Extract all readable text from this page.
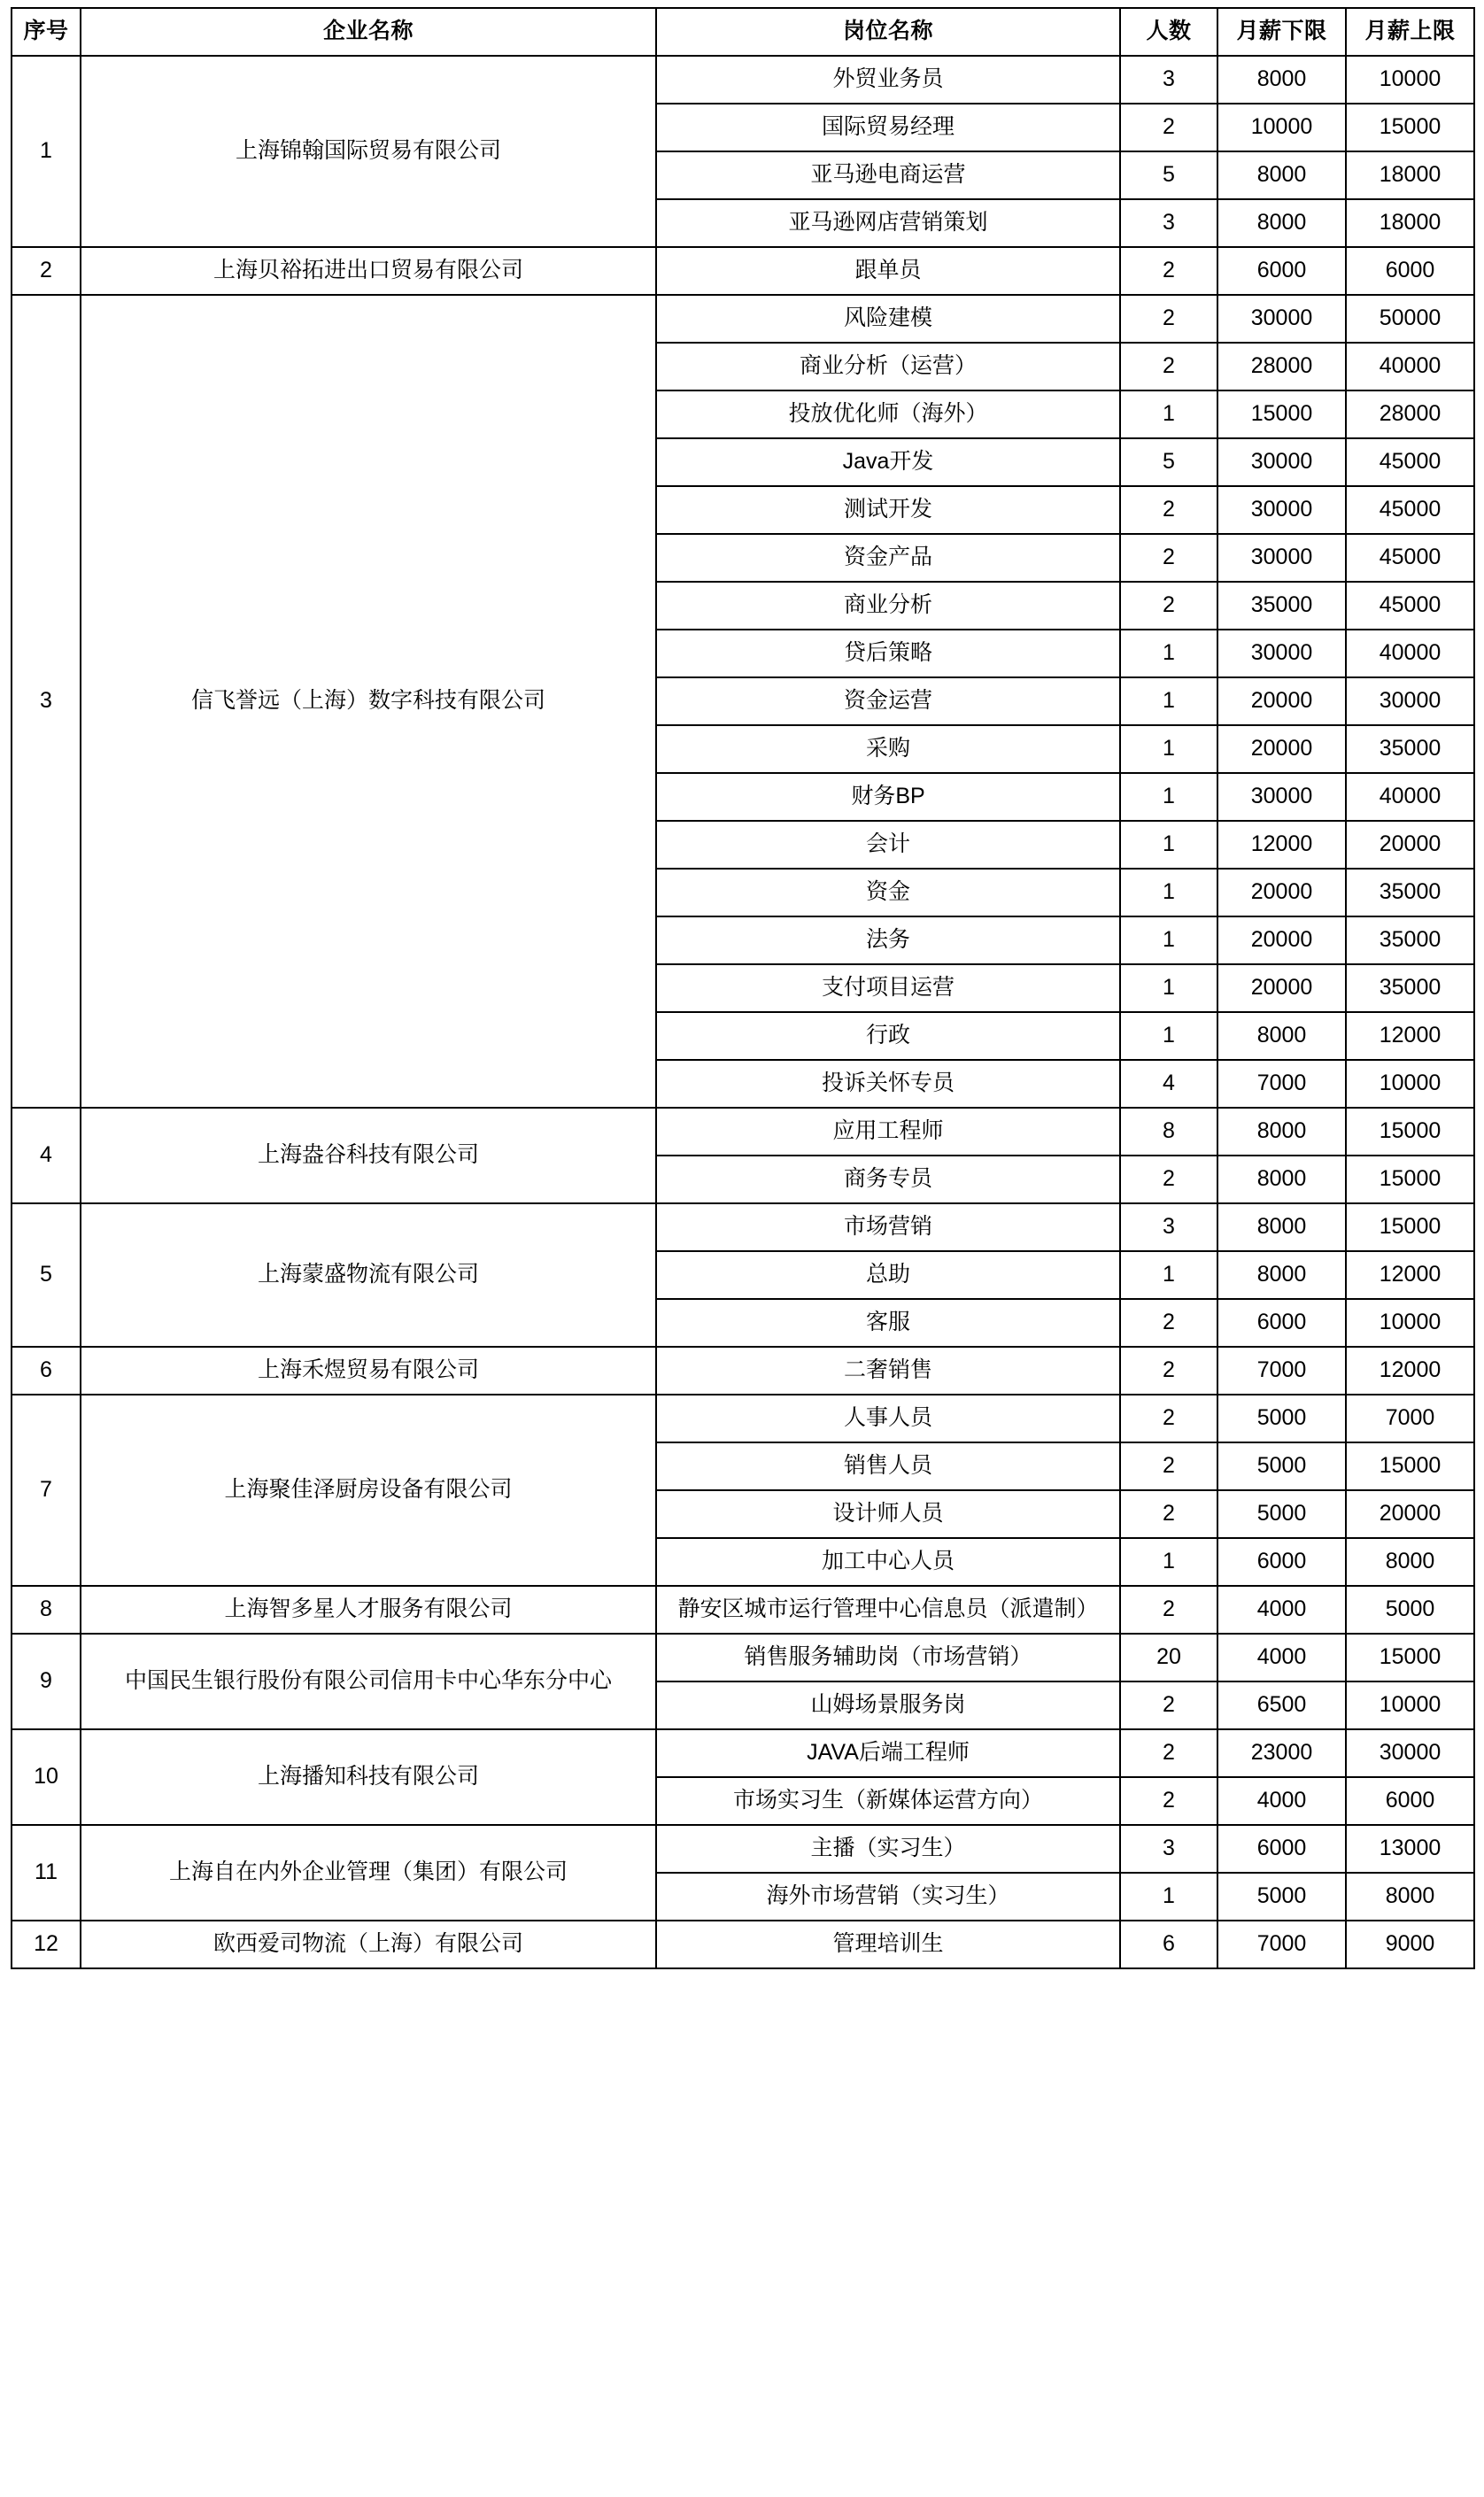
序号	企业名称	岗位名称	人数	月薪下限	月薪上限
1	上海锦翰国际贸易有限公司	外贸业务员	3	8000	10000
		国际贸易经理	2	10000	15000
		亚马逊电商运营	5	8000	18000
		亚马逊网店营销策划	3	8000	18000
2	上海贝裕拓进出口贸易有限公司	跟单员	2	6000	6000
3	信飞誉远（上海）数字科技有限公司	风险建模	2	30000	50000
		商业分析（运营）	2	28000	40000
		投放优化师（海外）	1	15000	28000
		Java开发	5	30000	45000
		测试开发	2	30000	45000
		资金产品	2	30000	45000
		商业分析	2	35000	45000
		贷后策略	1	30000	40000
		资金运营	1	20000	30000
		采购	1	20000	35000
		财务BP	1	30000	40000
		会计	1	12000	20000
		资金	1	20000	35000
		法务	1	20000	35000
		支付项目运营	1	20000	35000
		行政	1	8000	12000
		投诉关怀专员	4	7000	10000
4	上海盎谷科技有限公司	应用工程师	8	8000	15000
		商务专员	2	8000	15000
5	上海蒙盛物流有限公司	市场营销	3	8000	15000
		总助	1	8000	12000
		客服	2	6000	10000
6	上海禾煜贸易有限公司	二奢销售	2	7000	12000
7	上海聚佳泽厨房设备有限公司	人事人员	2	5000	7000
		销售人员	2	5000	15000
		设计师人员	2	5000	20000
		加工中心人员	1	6000	8000
8	上海智多星人才服务有限公司	静安区城市运行管理中心信息员（派遣制）	2	4000	5000
9	中国民生银行股份有限公司信用卡中心华东分中心	销售服务辅助岗（市场营销）	20	4000	15000
		山姆场景服务岗	2	6500	10000
10	上海播知科技有限公司	JAVA后端工程师	2	23000	30000
		市场实习生（新媒体运营方向）	2	4000	6000
11	上海自在内外企业管理（集团）有限公司	主播（实习生）	3	6000	13000
		海外市场营销（实习生）	1	5000	8000
12	欧西爱司物流（上海）有限公司	管理培训生	6	7000	9000
